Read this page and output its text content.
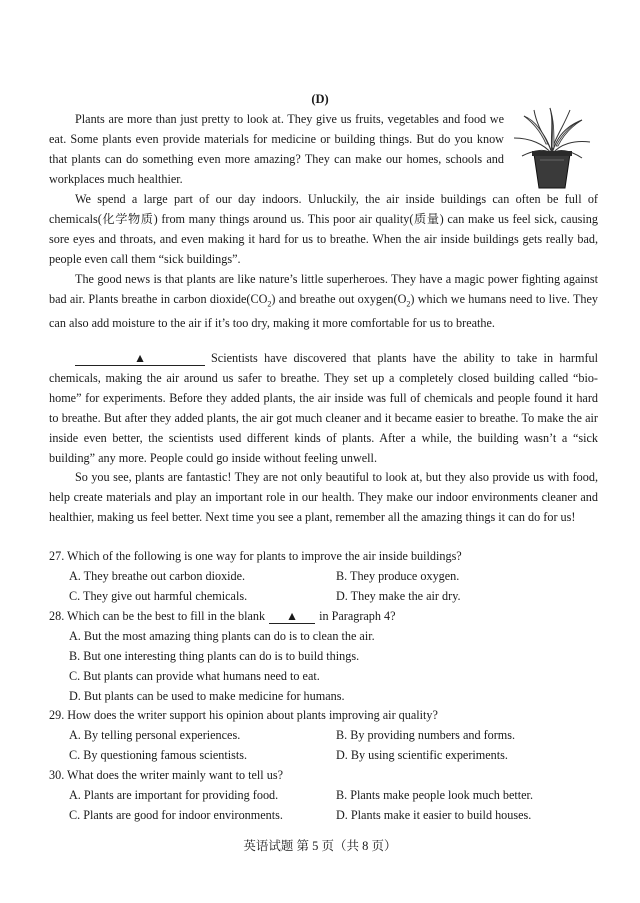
(D)

Plants are more than just pretty to look at. They give us fruits, vegetables and food we eat. Some plants even provide materials for medicine or building things. But do you know that plants can do something even more amazing? They can make our homes, schools and workplaces much healthier.

We spend a large part of our day indoors. Unluckily, the air inside buildings can often be full of chemicals(化学物质) from many things around us. This poor air quality(质量) can make us feel sick, causing sore eyes and throats, and even making it hard for us to breathe. When the air inside buildings gets really bad, people even call them “sick buildings”.

The good news is that plants are like nature’s little superheroes. They have a magic power fighting against bad air. Plants breathe in carbon $dioxide(CO_2)$ and breathe out $oxygen(O_2)$ which we humans need to live. They can also add moisture to the air if it’s too dry, making it more comfortable for us to breathe.

▲	Scientists have discovered that plants have the ability to take in harmful chemicals, making the air around us safer to breathe. They set up a completely closed building called “bio-home” for experiments. Before they added plants, the air inside was full of chemicals and people found it hard to breathe. But after they added plants, the air got much cleaner and it became easier to breathe. To make the air inside even better, the scientists used different kinds of plants. After a while, the building wasn’t a “sick building” any more. People could go inside without feeling unwell.

So you see, plants are fantastic! They are not only beautiful to look at, but they also provide us with food, help create materials and play an important role in our health. They make our indoor environments cleaner and healthier, making us feel better. Next time you see a plant, remember all the amazing things it can do for us!

27. Which of the following is one way for plants to improve the air inside buildings?
A. They breathe out carbon dioxide.	B. They produce oxygen.
C. They give out harmful chemicals.	D. They make the air dry.
28. Which can be the best to fill in the blank ▲ in Paragraph 4?
A. But the most amazing thing plants can do is to clean the air.
B. But one interesting thing plants can do is to build things.
C. But plants can provide what humans need to eat.
D. But plants can be used to make medicine for humans.
29. How does the writer support his opinion about plants improving air quality?
A. By telling personal experiences.	B. By providing numbers and forms.
C. By questioning famous scientists.	D. By using scientific experiments.
30. What does the writer mainly want to tell us?
A. Plants are important for providing food.	B. Plants make people look much better.
C. Plants are good for indoor environments.	D. Plants make it easier to build houses.
英语试题 第 5 页（共 8 页）
